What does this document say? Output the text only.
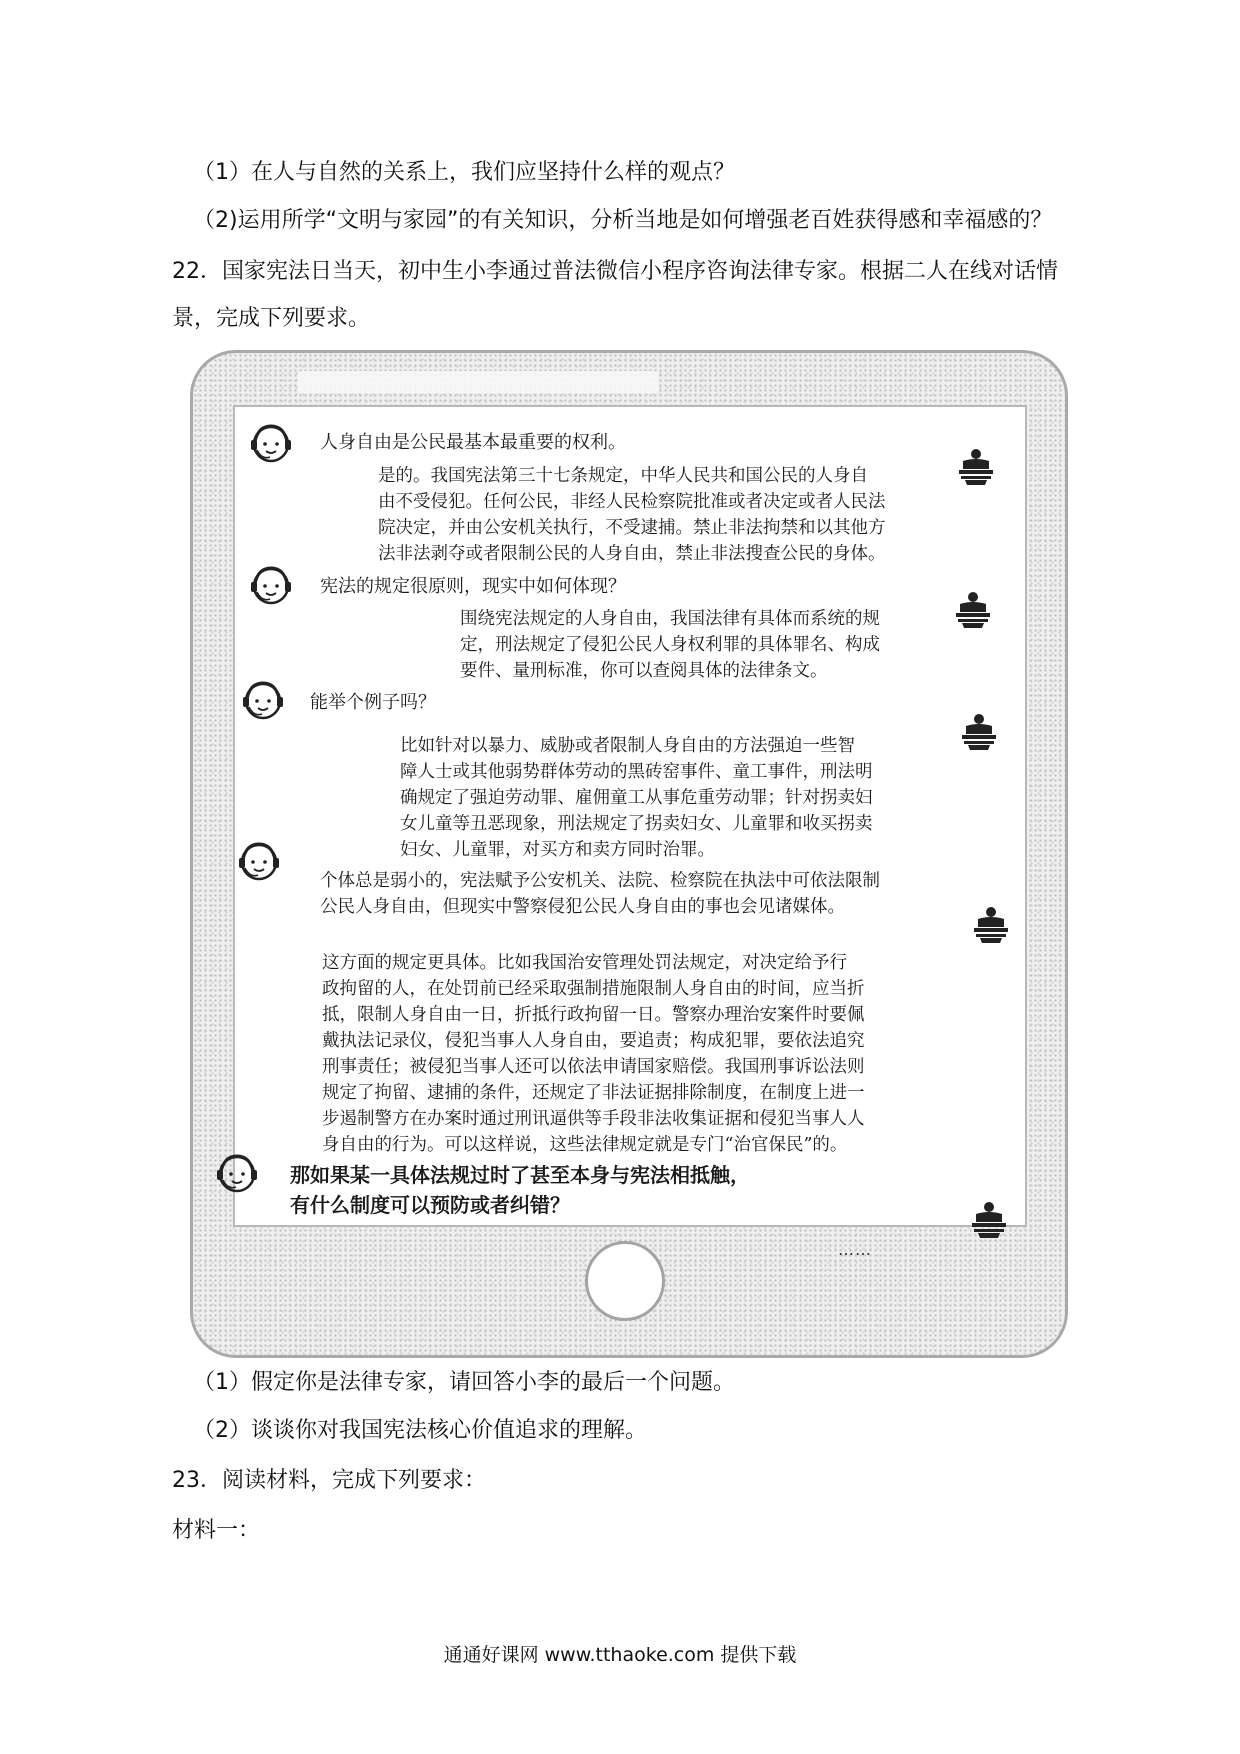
（1）在人与自然的关系上，我们应坚持什么样的观点？
（2)运用所学“文明与家园”的有关知识，分析当地是如何增强老百姓获得感和幸福感的？
22．国家宪法日当天，初中生小李通过普法微信小程序咨询法律专家。根据二人在线对话情
景，完成下列要求。
人身自由是公民最基本最重要的权利。
是的。我国宪法第三十七条规定，中华人民共和国公民的人身自
由不受侵犯。任何公民，非经人民检察院批准或者决定或者人民法
院决定，并由公安机关执行，不受逮捕。禁止非法拘禁和以其他方
法非法剥夺或者限制公民的人身自由，禁止非法搜查公民的身体。
宪法的规定很原则，现实中如何体现？
围绕宪法规定的人身自由，我国法律有具体而系统的规
定，刑法规定了侵犯公民人身权利罪的具体罪名、构成
要件、量刑标准，你可以查阅具体的法律条文。
能举个例子吗？
比如针对以暴力、威胁或者限制人身自由的方法强迫一些智
障人士或其他弱势群体劳动的黑砖窑事件、童工事件，刑法明
确规定了强迫劳动罪、雇佣童工从事危重劳动罪；针对拐卖妇
女儿童等丑恶现象，刑法规定了拐卖妇女、儿童罪和收买拐卖
妇女、儿童罪，对买方和卖方同时治罪。
个体总是弱小的，宪法赋予公安机关、法院、检察院在执法中可依法限制
公民人身自由，但现实中警察侵犯公民人身自由的事也会见诸媒体。
这方面的规定更具体。比如我国治安管理处罚法规定，对决定给予行
政拘留的人，在处罚前已经采取强制措施限制人身自由的时间，应当折
抵，限制人身自由一日，折抵行政拘留一日。警察办理治安案件时要佩
戴执法记录仪，侵犯当事人人身自由，要追责；构成犯罪，要依法追究
刑事责任；被侵犯当事人还可以依法申请国家赔偿。我国刑事诉讼法则
规定了拘留、逮捕的条件，还规定了非法证据排除制度，在制度上进一
步遏制警方在办案时通过刑讯逼供等手段非法收集证据和侵犯当事人人
身自由的行为。可以这样说，这些法律规定就是专门“治官保民”的。
那如果某一具体法规过时了甚至本身与宪法相抵触，
有什么制度可以预防或者纠错？
……
（1）假定你是法律专家，请回答小李的最后一个问题。
（2）谈谈你对我国宪法核心价值追求的理解。
23．阅读材料，完成下列要求：
材料一：
通通好课网 www.tthaoke.com 提供下载
